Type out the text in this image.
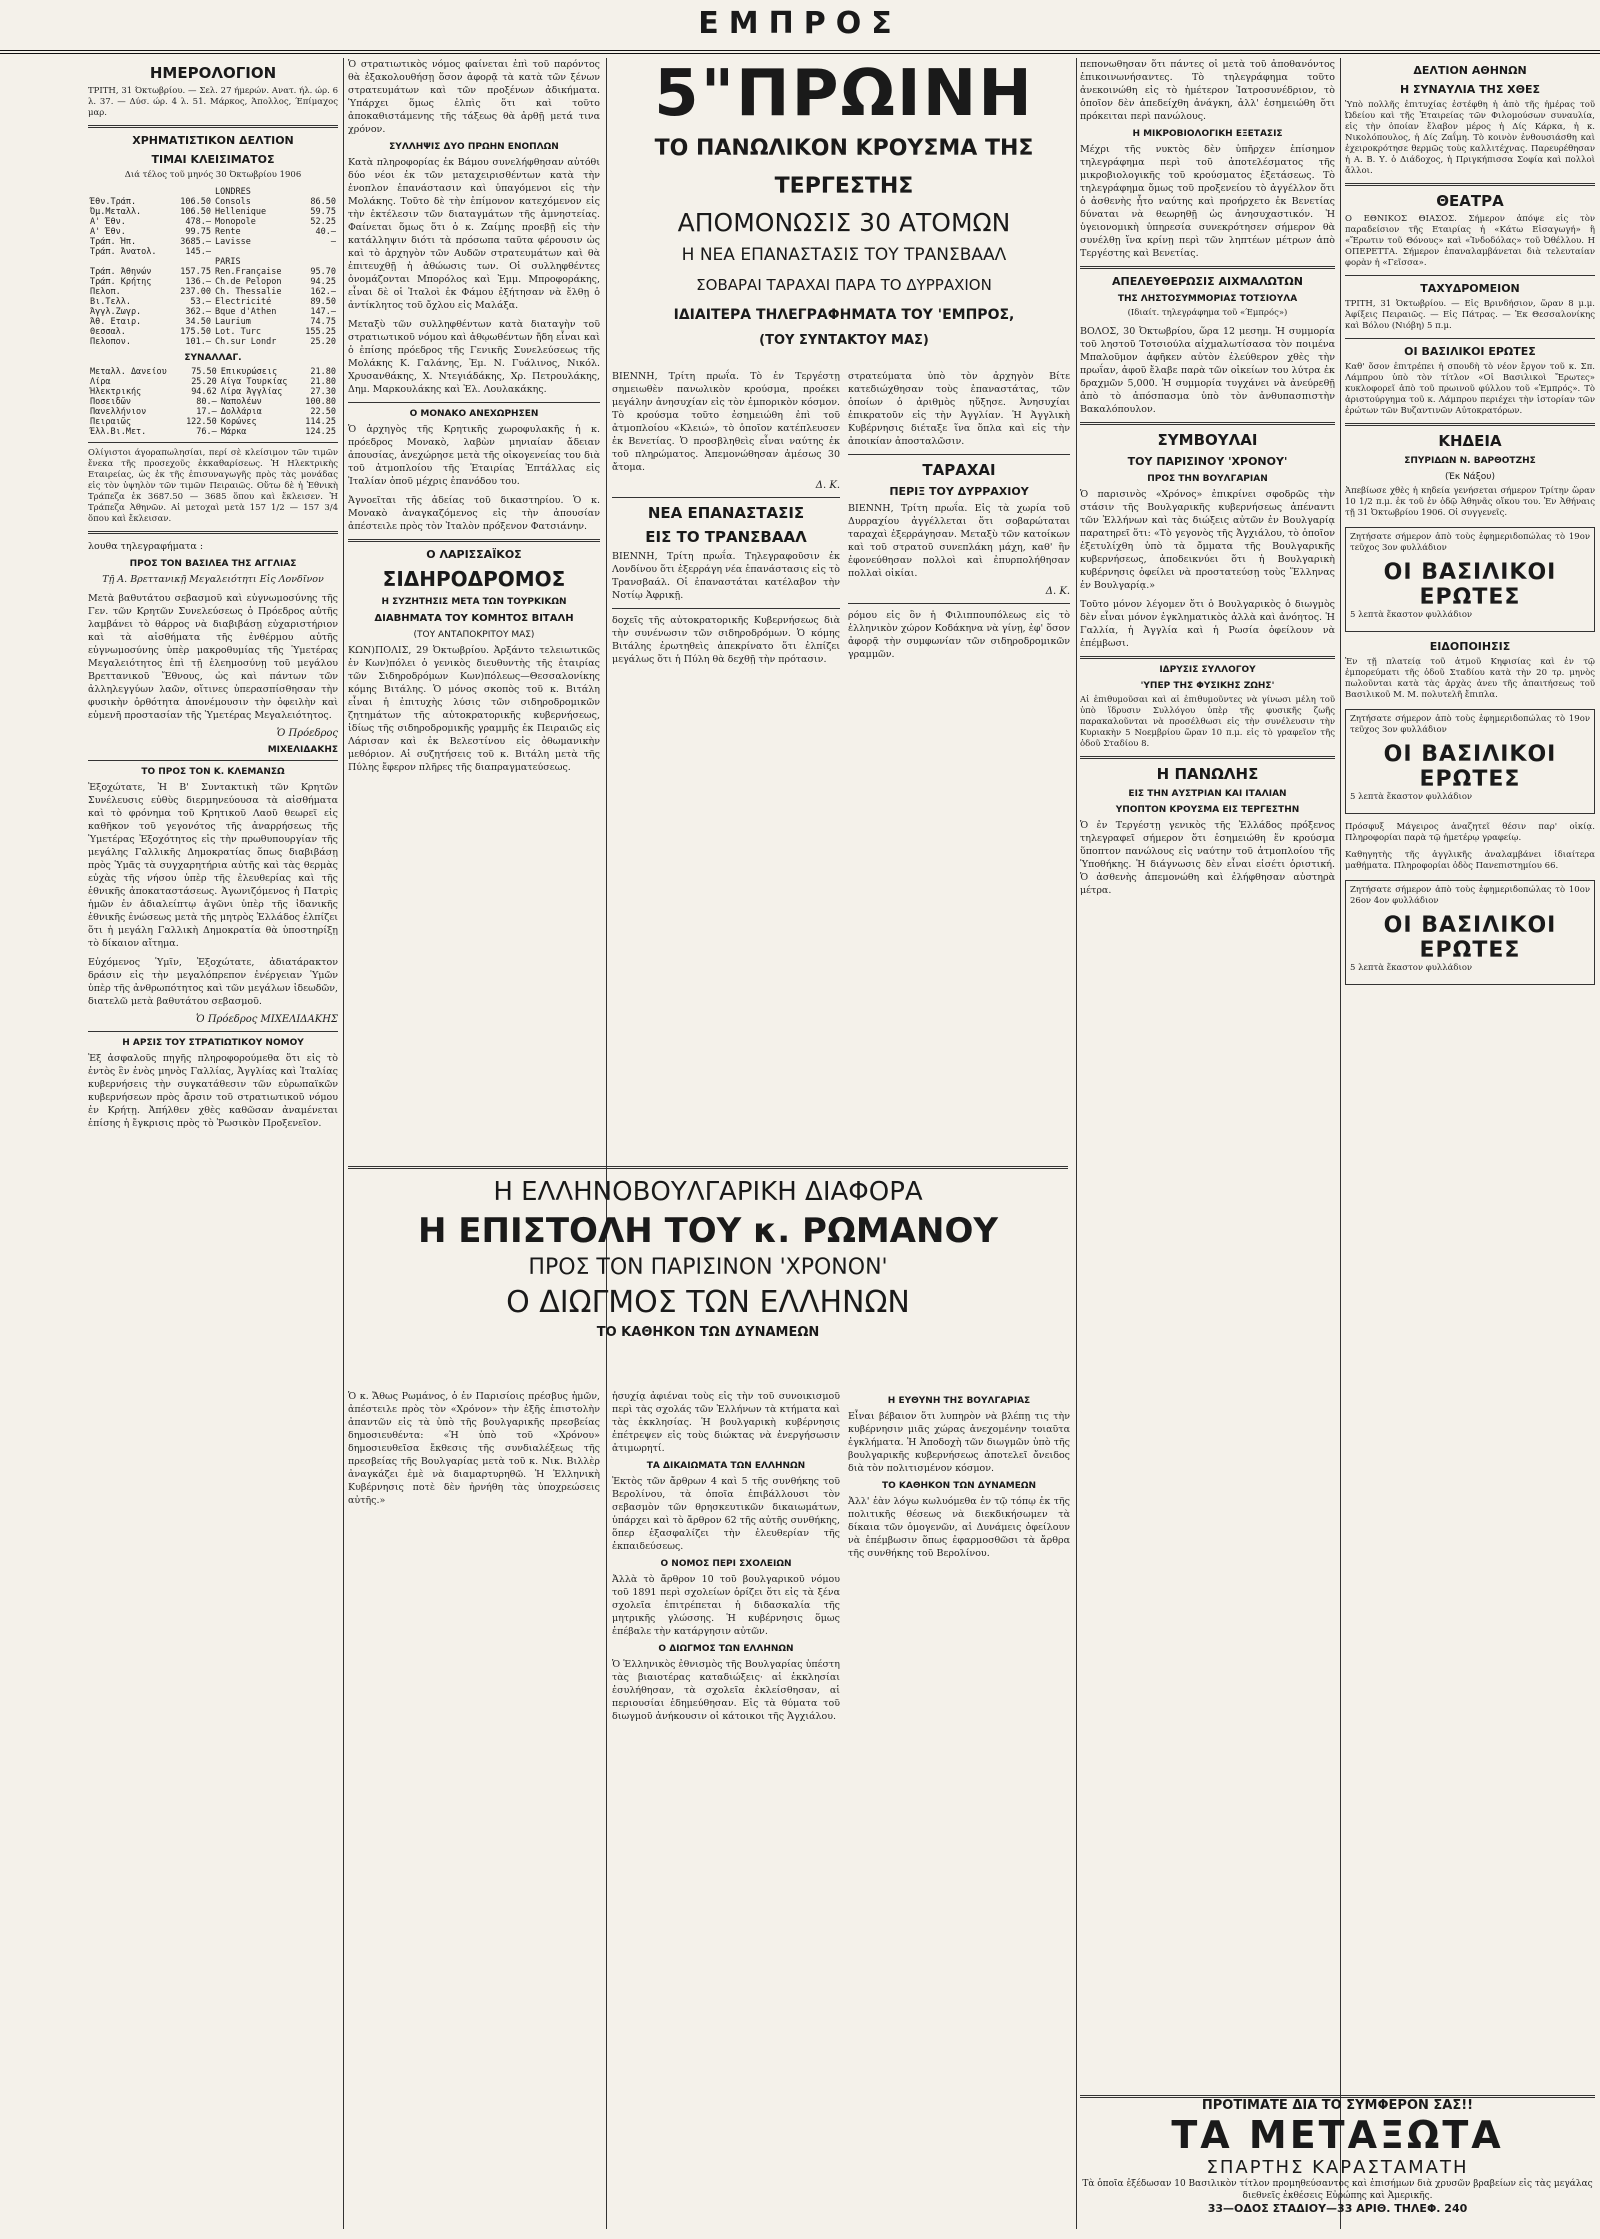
ΕΜΠΡΟΣ
ΗΜΕΡΟΛΟΓΙΟΝ

ΤΡΙΤΗ, 31 Όκτωβρίου. — Σελ. 27 ήμερών. Ανατ. ήλ. ώρ. 6 λ. 37. — Δύσ. ώρ. 4 λ. 51. Μάρκος, Άπολλος, Έπίμαχος μαρ.

ΧΡΗΜΑΤΙΣΤΙΚΟΝ ΔΕΛΤΙΟΝ
ΤΙΜΑΙ ΚΛΕΙΣΙΜΑΤΟΣ

Διά τέλος τοῦ μηνός 30 Όκτωβρίου 1906

		LONDRES	
Έθν.Τράπ.	106.50	Consols	86.50
Όμ.Μεταλλ.	106.50	Hellenique	59.75
Α' Έθν.	478.—	Monopole	52.25
Α' Έθν.	99.75	Rente	40.—
Τράπ. Ήπ.	3685.—	Lavisse	—
Τράπ. Άνατολ.	145.—		
		PARIS	
Τράπ. Άθηνών	157.75	Ren.Française	95.70
Τράπ. Κρήτης	136.—	Ch.de Pelopon	94.25
Πελοπ.	237.00	Ch. Thessalie	162.—
Βι.Τελλ.	53.—	Electricité	89.50
Άγγλ.Ζωγρ.	362.—	Bque d'Athen	147.—
Άθ. Εταιρ.	34.50	Laurium	74.75
Θεσσαλ.	175.50	Lot. Turc	155.25
Πελοπον.	101.—	Ch.sur Londr	25.20
ΣΥΝΑΛΛΑΓ.
Μεταλλ. Δανείου	75.50	Επικυρώσεις	21.80
Λίρα	25.20	Αίγα Τουρκίας	21.80
Ήλεκτρικής	94.62	Λίρα Άγγλίας	27.30
Ποσειδῶν	80.—	Ναπολέων	100.80
Πανελλήνιον	17.—	Δολλάρια	22.50
Πειραιῶς	122.50	Κορώνες	114.25
Έλλ.Βι.Μετ.	76.—	Μάρκα	124.25

Ολίγιστοι άγοραπωλησίαι, περί σὲ κλείσιμον τῶν τιμῶν ἔνεκα τῆς προσεχοῦς ἐκκαθαρίσεως. Ἡ Ηλεκτρικὴς Εταιρείας, ὡς ἐκ τῆς ἐπισυναγωγῆς πρὸς τὰς μονάδας εἰς τὸν ὑψηλὸν τῶν τιμῶν Πειραιῶς. Οὕτω δὲ ἡ Ἐθνικὴ Τράπεζα ἐκ 3687.50 — 3685 ὅπου καὶ ἔκλεισεν. Ἡ Τράπεζα Ἀθηνῶν. Αἱ μετοχαὶ μετὰ 157 1/2 — 157 3/4 ὅπου καὶ ἔκλεισαν.

λουθα τηλεγραφήματα :

ΠΡΟΣ ΤΟΝ ΒΑΣΙΛΕΑ ΤΗΣ ΑΓΓΛΙΑΣ

Τῇ Α. Βρεττανικῇ Μεγαλειότητι Εἰς Λονδῖνον

Μετὰ βαθυτάτου σεβασμοῦ καὶ εὐγνωμοσύνης τῆς Γεν. τῶν Κρητῶν Συνελεύσεως ὁ Πρόεδρος αὐτῆς λαμβάνει τὸ θάρρος νὰ διαβιβάσῃ εὐχαριστήριον καὶ τὰ αἰσθήματα τῆς ἐνθέρμου αὐτῆς εὐγνωμοσύνης ὑπὲρ μακροθυμίας τῆς Ὑμετέρας Μεγαλειότητος ἐπὶ τῇ ἐλεημοσύνῃ τοῦ μεγάλου Βρεττανικοῦ Ἔθνους, ὡς καὶ πάντων τῶν ἀλληλεγγύων λαῶν, οἵτινες ὑπερασπίσθησαν τὴν φυσικὴν ὀρθότητα ἀπονέμουσιν τὴν ὀφειλὴν καὶ εὐμενῆ προστασίαν τῆς Ὑμετέρας Μεγαλειότητος.

Ὁ Πρόεδρος
ΜΙΧΕΛΙΔΑΚΗΣ
ΤΟ ΠΡΟΣ ΤΟΝ Κ. ΚΛΕΜΑΝΣΩ

Ἐξοχώτατε, Ἡ Β' Συντακτικὴ τῶν Κρητῶν Συνέλευσις εὐθὺς διερμηνεύουσα τὰ αἰσθήματα καὶ τὸ φρόνημα τοῦ Κρητικοῦ Λαοῦ θεωρεῖ εἰς καθῆκον τοῦ γεγονότος τῆς ἀναρρήσεως τῆς Ὑμετέρας Ἐξοχότητος εἰς τὴν πρωθυπουργίαν τῆς μεγάλης Γαλλικῆς Δημοκρατίας ὅπως διαβιβάσῃ πρὸς Ὑμᾶς τὰ συγχαρητήρια αὐτῆς καὶ τὰς θερμὰς εὐχὰς τῆς νήσου ὑπὲρ τῆς ἐλευθερίας καὶ τῆς ἐθνικῆς ἀποκαταστάσεως. Ἀγωνιζόμενος ἡ Πατρὶς ἡμῶν ἐν ἀδιαλείπτῳ ἀγῶνι ὑπὲρ τῆς ἰδανικῆς ἐθνικῆς ἐνώσεως μετὰ τῆς μητρὸς Ἑλλάδος ἐλπίζει ὅτι ἡ μεγάλη Γαλλικὴ Δημοκρατία θὰ ὑποστηρίξῃ τὸ δίκαιον αἴτημα.

Εὐχόμενος Ὑμῖν, Ἐξοχώτατε, ἀδιατάρακτον δράσιν εἰς τὴν μεγαλόπρεπον ἐνέργειαν Ὑμῶν ὑπὲρ τῆς ἀνθρωπότητος καὶ τῶν μεγάλων ἰδεωδῶν, διατελῶ μετὰ βαθυτάτου σεβασμοῦ.

Ὁ Πρόεδρος ΜΙΧΕΛΙΔΑΚΗΣ
Η ΑΡΣΙΣ ΤΟΥ ΣΤΡΑΤΙΩΤΙΚΟΥ ΝΟΜΟΥ

Ἐξ ἀσφαλοῦς πηγῆς πληροφορούμεθα ὅτι εἰς τὸ ἐντὸς ἓν ἑνὸς μηνὸς Γαλλίας, Ἀγγλίας καὶ Ἰταλίας κυβερνήσεις τὴν συγκατάθεσιν τῶν εὐρωπαϊκῶν κυβερνήσεων πρὸς ἄρσιν τοῦ στρατιωτικοῦ νόμου ἐν Κρήτῃ. Ἀπήλθεν χθὲς καθῶσαν ἀναμένεται ἐπίσης ἡ ἔγκρισις πρὸς τὸ Ῥωσικὸν Προξενεῖον.

Ὁ στρατιωτικὸς νόμος φαίνεται ἐπὶ τοῦ παρόντος θὰ ἐξακολουθήσῃ ὅσον ἀφορᾷ τὰ κατὰ τῶν ξένων στρατευμάτων καὶ τῶν προξένων ἀδικήματα. Ὑπάρχει ὅμως ἐλπὶς ὅτι καὶ τοῦτο ἀποκαθιστάμενης τῆς τάξεως θὰ ἀρθῇ μετά τινα χρόνον.

ΣΥΛΛΗΨΙΣ ΔΥΟ ΠΡΩΗΝ ΕΝΟΠΛΩΝ

Κατὰ πληροφορίας ἐκ Βάμου συνελήφθησαν αὐτόθι δύο νέοι ἐκ τῶν μεταχειρισθέντων κατὰ τὴν ἐνοπλον ἐπανάστασιν καὶ ὑπαγόμενοι εἰς τὴν Μολάκης. Τοῦτο δὲ τὴν ἐπίμονον κατεχόμενον εἰς τὴν ἐκτέλεσιν τῶν διαταγμάτων τῆς ἀμνηστείας. Φαίνεται ὅμως ὅτι ὁ κ. Ζαίμης προεβῇ εἰς τὴν κατάλληψιν διότι τὰ πρόσωπα ταῦτα φέρουσιν ὡς καὶ τὸ ἀρχηγὸν τῶν Αυδῶν στρατευμάτων καὶ θὰ ἐπιτευχθῇ ἡ ἀθώωσις των. Οἱ συλληφθέντες ὀνομάζονται Μπορόλος καὶ Ἐμμ. Μπροφοράκης, εἶναι δὲ οἱ Ἰταλοὶ ἐκ Φάμου ἐξήτησαν νὰ ἔλθῃ ὁ ἀντίκλητος τοῦ ὄχλου εἰς Μαλάξα.

Μεταξὺ τῶν συλληφθέντων κατὰ διαταγὴν τοῦ στρατιωτικοῦ νόμου καὶ ἀθῳωθέντων ἤδη εἶναι καὶ ὁ ἐπίσης πρόεδρος τῆς Γενικῆς Συνελεύσεως τῆς Μολάκης Κ. Γαλάνης, Ἐμ. Ν. Γυάλινος, Νικόλ. Χρυσανθάκης, Χ. Ντεγιάδάκης, Χρ. Πετρουλάκης, Δημ. Μαρκουλάκης καὶ Ἐλ. Λουλακάκης.

Ο ΜΟΝΑΚΟ ΑΝΕΧΩΡΗΣΕΝ

Ὁ ἀρχηγὸς τῆς Κρητικῆς χωροφυλακῆς ἡ κ. πρόεδρος Μονακὸ, λαβὼν μηνιαίαν ἄδειαν ἀπουσίας, ἀνεχώρησε μετὰ τῆς οἰκογενείας του διὰ τοῦ ἀτμοπλοίου τῆς Ἑταιρίας Ἐπτάλλας εἰς Ἰταλίαν ὁποῦ μέχρις ἐπανόδου του.

Ἀγνοεῖται τῆς ἀδείας τοῦ δικαστηρίου. Ὁ κ. Μονακὸ ἀναγκαζόμενος εἰς τὴν ἀπουσίαν ἀπέστειλε πρὸς τὸν Ἰταλὸν πρόξενον Φατσιάνην.

Ο ΛΑΡΙΣΣΑΪΚΟΣ
ΣΙΔΗΡΟΔΡΟΜΟΣ
Η ΣΥΖΗΤΗΣΙΣ ΜΕΤΑ ΤΩΝ ΤΟΥΡΚΙΚΩΝ
ΔΙΑΒΗΜΑΤΑ ΤΟΥ ΚΟΜΗΤΟΣ ΒΙΤΑΛΗ
(ΤΟΥ ΑΝΤΑΠΟΚΡΙΤΟΥ ΜΑΣ)

ΚΩΝ)ΠΟΛΙΣ, 29 Ὀκτωβρίου. Ἀρξάντο τελειωτικῶς ἐν Κων)πόλει ὁ γενικὸς διευθυντὴς τῆς ἐταιρίας τῶν Σιδηροδρόμων Κων)πόλεως—Θεσσαλονίκης κόμης Βιτάλης. Ὁ μόνος σκοπὸς τοῦ κ. Βιτάλη εἶναι ἡ ἐπιτυχὴς λύσις τῶν σιδηροδρομικῶν ζητημάτων τῆς αὐτοκρατορικῆς κυβερνήσεως, ἰδίως τῆς σιδηροδρομικῆς γραμμῆς ἐκ Πειραιῶς εἰς Λάρισαν καὶ ἐκ Βελεστίνου εἰς ὀθωμανικὴν μεθόριον. Αἱ συζητήσεις τοῦ κ. Βιτάλη μετὰ τῆς Πύλης ἔφερον πλῆρες τῆς διαπραγματεύσεως.

5"ΠΡΩΙΝΗ
ΤΟ ΠΑΝΩΛΙΚΟΝ ΚΡΟΥΣΜΑ ΤΗΣ ΤΕΡΓΕΣΤΗΣ
ΑΠΟΜΟΝΩΣΙΣ 30 ΑΤΟΜΩΝ
Η ΝΕΑ ΕΠΑΝΑΣΤΑΣΙΣ ΤΟΥ ΤΡΑΝΣΒΑΑΛ
ΣΟΒΑΡΑΙ ΤΑΡΑΧΑΙ ΠΑΡΑ ΤΟ ΔΥΡΡΑΧΙΟΝ
ΙΔΙΑΙΤΕΡΑ ΤΗΛΕΓΡΑΦΗΜΑΤΑ ΤΟΥ 'ΕΜΠΡΟΣ,
(ΤΟΥ ΣΥΝΤΑΚΤΟΥ ΜΑΣ)

ΒΙΕΝΝΗ, Τρίτη πρωΐα. Τὸ ἐν Τεργέστῃ σημειωθὲν πανωλικὸν κρούσμα, προέκει μεγάλην ἀνησυχίαν εἰς τὸν ἐμπορικὸν κόσμον. Τὸ κρούσμα τοῦτο ἐσημειώθη ἐπὶ τοῦ ἀτμοπλοίου «Κλειώ», τὸ ὁποῖον κατέπλευσεν ἐκ Βενετίας. Ὁ προσβληθεὶς εἶναι ναύτης ἐκ τοῦ πληρώματος. Ἀπεμονώθησαν ἀμέσως 30 ἄτομα.

Δ. Κ.
ΝΕΑ ΕΠΑΝΑΣΤΑΣΙΣ
ΕΙΣ ΤΟ ΤΡΑΝΣΒΑΑΛ

ΒΙΕΝΝΗ, Τρίτη πρωΐα. Τηλεγραφοῦσιν ἐκ Λονδίνου ὅτι ἐξερράγη νέα ἐπανάστασις εἰς τὸ Τρανσβαάλ. Οἱ ἐπαναστάται κατέλαβον τὴν Νοτίῳ Ἀφρικῇ.

δοχεῖς τῆς αὐτοκρατορικῆς Κυβερνήσεως διὰ τὴν συνένωσιν τῶν σιδηροδρόμων. Ὁ κόμης Βιτάλης ἐρωτηθεὶς ἀπεκρίνατο ὅτι ἐλπίζει μεγάλως ὅτι ἡ Πύλη θὰ δεχθῇ τὴν πρότασιν.

στρατεύματα ὑπὸ τὸν ἀρχηγὸν Βίτε κατεδιώχθησαν τοὺς ἐπαναστάτας, τῶν ὁποίων ὁ ἀριθμὸς ηὔξησε. Ἀνησυχίαι ἐπικρατοῦν εἰς τὴν Ἀγγλίαν. Ἡ Ἀγγλικὴ Κυβέρνησις διέταξε ἵνα ὅπλα καὶ εἰς τὴν ἀποικίαν ἀποσταλῶσιν.

ΤΑΡΑΧΑΙ
ΠΕΡΙΞ ΤΟΥ ΔΥΡΡΑΧΙΟΥ

ΒΙΕΝΝΗ, Τρίτη πρωΐα. Εἰς τὰ χωρία τοῦ Δυρραχίου ἀγγέλλεται ὅτι σοβαρώταται ταραχαὶ ἐξερράγησαν. Μεταξὺ τῶν κατοίκων καὶ τοῦ στρατοῦ συνεπλάκη μάχη, καθ' ἣν ἐφονεύθησαν πολλοὶ καὶ ἐπυρπολήθησαν πολλαὶ οἰκίαι.

Δ. Κ.

ρόμου εἰς ὃν ἡ Φιλιππουπόλεως εἰς τὸ ἑλληνικὸν χώρον Κοδάκηνα νὰ γίνῃ, ἐφ' ὅσον ἀφορᾷ τὴν συμφωνίαν τῶν σιδηροδρομικῶν γραμμῶν.

Η ΕΛΛΗΝΟΒΟΥΛΓΑΡΙΚΗ ΔΙΑΦΟΡΑ
Η ΕΠΙΣΤΟΛΗ ΤΟΥ κ. ΡΩΜΑΝΟΥ
ΠΡΟΣ ΤΟΝ ΠΑΡΙΣΙΝΟΝ 'ΧΡΟΝΟΝ'
Ο ΔΙΩΓΜΟΣ ΤΩΝ ΕΛΛΗΝΩΝ
ΤΟ ΚΑΘΗΚΟΝ ΤΩΝ ΔΥΝΑΜΕΩΝ

Ὁ κ. Ἄθως Ρωμάνος, ὁ ἐν Παρισίοις πρέσβυς ἡμῶν, ἀπέστειλε πρὸς τὸν «Χρόνον» τὴν ἑξῆς ἐπιστολὴν ἀπαντῶν εἰς τὰ ὑπὸ τῆς βουλγαρικῆς πρεσβείας δημοσιευθέντα: «Ἡ ὑπὸ τοῦ «Χρόνου» δημοσιευθεῖσα ἔκθεσις τῆς συνδιαλέξεως τῆς πρεσβείας τῆς Βουλγαρίας μετὰ τοῦ κ. Νικ. Βιλλὲρ ἀναγκάζει ἐμὲ νὰ διαμαρτυρηθῶ. Ἡ Ἑλληνικὴ Κυβέρνησις ποτὲ δὲν ἠρνήθη τὰς ὑποχρεώσεις αὐτῆς.»

ἡσυχίᾳ ἀφιέναι τοὺς εἰς τὴν τοῦ συνοικισμοῦ περὶ τὰς σχολάς τῶν Ἑλλήνων τὰ κτήματα καὶ τὰς ἐκκλησίας. Ἡ βουλγαρικὴ κυβέρνησις ἐπέτρεψεν εἰς τοὺς διώκτας νὰ ἐνεργήσωσιν ἀτιμωρητί.

ΤΑ ΔΙΚΑΙΩΜΑΤΑ ΤΩΝ ΕΛΛΗΝΩΝ

Ἐκτὸς τῶν ἄρθρων 4 καὶ 5 τῆς συνθήκης τοῦ Βερολίνου, τὰ ὁποῖα ἐπιβάλλουσι τὸν σεβασμὸν τῶν θρησκευτικῶν δικαιωμάτων, ὑπάρχει καὶ τὸ ἄρθρον 62 τῆς αὐτῆς συνθήκης, ὅπερ ἐξασφαλίζει τὴν ἐλευθερίαν τῆς ἐκπαιδεύσεως.

Ο ΝΟΜΟΣ ΠΕΡΙ ΣΧΟΛΕΙΩΝ

Ἀλλὰ τὸ ἄρθρον 10 τοῦ βουλγαρικοῦ νόμου τοῦ 1891 περὶ σχολείων ὁρίζει ὅτι εἰς τὰ ξένα σχολεῖα ἐπιτρέπεται ἡ διδασκαλία τῆς μητρικῆς γλώσσης. Ἡ κυβέρνησις ὅμως ἐπέβαλε τὴν κατάργησιν αὐτῶν.

Ο ΔΙΩΓΜΟΣ ΤΩΝ ΕΛΛΗΝΩΝ

Ὁ Ἑλληνικὸς ἐθνισμὸς τῆς Βουλγαρίας ὑπέστη τὰς βιαιοτέρας καταδιώξεις· αἱ ἐκκλησίαι ἐσυλήθησαν, τὰ σχολεῖα ἐκλείσθησαν, αἱ περιουσίαι ἐδημεύθησαν. Εἰς τὰ θύματα τοῦ διωγμοῦ ἀνήκουσιν οἱ κάτοικοι τῆς Ἀγχιάλου.

Η ΕΥΘΥΝΗ ΤΗΣ ΒΟΥΛΓΑΡΙΑΣ

Εἶναι βέβαιον ὅτι λυπηρὸν νὰ βλέπῃ τις τὴν κυβέρνησιν μιᾶς χώρας ἀνεχομένην τοιαῦτα ἐγκλήματα. Ἡ Ἀποδοχὴ τῶν διωγμῶν ὑπὸ τῆς βουλγαρικῆς κυβερνήσεως ἀποτελεῖ ὄνειδος διὰ τὸν πολιτισμένον κόσμον.

ΤΟ ΚΑΘΗΚΟΝ ΤΩΝ ΔΥΝΑΜΕΩΝ

Ἀλλ' ἐὰν λόγω κωλυόμεθα ἐν τῷ τόπῳ ἐκ τῆς πολιτικῆς θέσεως νὰ διεκδικήσωμεν τὰ δίκαια τῶν ὁμογενῶν, αἱ Δυνάμεις ὀφείλουν νὰ ἐπέμβωσιν ὅπως ἐφαρμοσθῶσι τὰ ἄρθρα τῆς συνθήκης τοῦ Βερολίνου.

πεπονωθησαν ὅτι πάντες οἱ μετὰ τοῦ ἀποθανόντος ἐπικοινωνήσαντες. Τὸ τηλεγράφημα τοῦτο ἀνεκοινώθη εἰς τὸ ἡμέτερον Ἰατροσυνέδριον, τὸ ὁποῖον δὲν ἀπεδείχθη ἀνάγκη, ἀλλ' ἐσημειώθη ὅτι πρόκειται περὶ πανώλους.

Η ΜΙΚΡΟΒΙΟΛΟΓΙΚΗ ΕΞΕΤΑΣΙΣ

Μέχρι τῆς νυκτὸς δὲν ὑπῆρχεν ἐπίσημον τηλεγράφημα περὶ τοῦ ἀποτελέσματος τῆς μικροβιολογικῆς τοῦ κρούσματος ἐξετάσεως. Τὸ τηλεγράφημα ὅμως τοῦ προξενείου τὸ ἀγγέλλον ὅτι ὁ ἀσθενὴς ἦτο ναύτης καὶ προήρχετο ἐκ Βενετίας δύναται νὰ θεωρηθῇ ὡς ἀνησυχαστικόν. Ἡ ὑγειονομικὴ ὑπηρεσία συνεκρότησεν σήμερον θὰ συνέλθῃ ἵνα κρίνῃ περὶ τῶν ληπτέων μέτρων ἀπὸ Τεργέστης καὶ Βενετίας.

ΑΠΕΛΕΥΘΕΡΩΣΙΣ ΑΙΧΜΑΛΩΤΩΝ
ΤΗΣ ΛΗΣΤΟΣΥΜΜΟΡΙΑΣ ΤΟΤΣΙΟΥΛΑ

(Ιδιαίτ. τηλεγράφημα τοῦ «Έμπρός»)

ΒΟΛΟΣ, 30 Ὀκτωβρίου, ὥρα 12 μεσημ. Ἡ συμμορία τοῦ ληστοῦ Τοτσιούλα αἰχμαλωτίσασα τὸν ποιμένα Μπαλοῦμον ἀφῆκεν αὐτὸν ἐλεύθερον χθὲς τὴν πρωΐαν, ἀφοῦ ἔλαβε παρὰ τῶν οἰκείων του λύτρα ἐκ δραχμῶν 5,000. Ἡ συμμορία τυγχάνει νὰ ἀνεύρεθῇ ἀπὸ τὸ ἀπόσπασμα ὑπὸ τὸν ἀνθυπασπιστὴν Βακαλόπουλον.

ΣΥΜΒΟΥΛΑΙ
ΤΟΥ ΠΑΡΙΣΙΝΟΥ 'ΧΡΟΝΟΥ'
ΠΡΟΣ ΤΗΝ ΒΟΥΛΓΑΡΙΑΝ

Ὁ παρισινὸς «Χρόνος» ἐπικρίνει σφοδρῶς τὴν στάσιν τῆς Βουλγαρικῆς κυβερνήσεως ἀπέναντι τῶν Ἑλλήνων καὶ τὰς διώξεις αὐτῶν ἐν Βουλγαρίᾳ παρατηρεῖ ὅτι: «Τὸ γεγονὸς τῆς Ἀγχιάλου, τὸ ὁποῖον ἐξετυλίχθη ὑπὸ τὰ ὄμματα τῆς Βουλγαρικῆς κυβερνήσεως, ἀποδεικνύει ὅτι ἡ Βουλγαρικὴ κυβέρνησις ὀφείλει νὰ προστατεύσῃ τοὺς Ἕλληνας ἐν Βουλγαρίᾳ.»

Τοῦτο μόνον λέγομεν ὅτι ὁ Βουλγαρικὸς ὁ διωγμὸς δὲν εἶναι μόνον ἐγκληματικὸς ἀλλὰ καὶ ἀνόητος. Ἡ Γαλλία, ἡ Ἀγγλία καὶ ἡ Ρωσία ὀφείλουν νὰ ἐπέμβωσι.

ΙΔΡΥΣΙΣ ΣΥΛΛΟΓΟΥ
'ΥΠΕΡ ΤΗΣ ΦΥΣΙΚΗΣ ΖΩΗΣ'

Αἱ ἐπιθυμοῦσαι καὶ αἱ ἐπιθυμοῦντες νὰ γίνωσι μέλη τοῦ ὑπὸ ἵδρυσιν Συλλόγου ὑπὲρ τῆς φυσικῆς ζωῆς παρακαλοῦνται νὰ προσέλθωσι εἰς τὴν συνέλευσιν τὴν Κυριακὴν 5 Νοεμβρίου ὥραν 10 π.μ. εἰς τὸ γραφεῖον τῆς ὁδοῦ Σταδίου 8.

Η ΠΑΝΩΛΗΣ
ΕΙΣ ΤΗΝ ΑΥΣΤΡΙΑΝ ΚΑΙ ΙΤΑΛΙΑΝ
ΥΠΟΠΤΟΝ ΚΡΟΥΣΜΑ ΕΙΣ ΤΕΡΓΕΣΤΗΝ

Ὁ ἐν Τεργέστῃ γενικὸς τῆς Ἑλλάδος πρόξενος τηλεγραφεῖ σήμερον ὅτι ἐσημειώθη ἕν κρούσμα ὕποπτον πανώλους εἰς ναύτην τοῦ ἀτμοπλοίου τῆς Ὑποθήκης. Ἡ διάγνωσις δὲν εἶναι εἰσέτι ὁριστική. Ὁ ἀσθενὴς ἀπεμονώθη καὶ ἐλήφθησαν αὐστηρὰ μέτρα.

ΔΕΛΤΙΟΝ ΑΘΗΝΩΝ
Η ΣΥΝΑΥΛΙΑ ΤΗΣ ΧΘΕΣ

Ὑπὸ πολλῆς ἐπιτυχίας ἐστέφθη ἡ ἀπὸ τῆς ἡμέρας τοῦ Ὠδείου καὶ τῆς Ἐταιρείας τῶν Φιλομούσων συναυλία, εἰς τὴν ὁποίαν ἔλαβον μέρος ἡ Δίς Κάρκα, ἡ κ. Νικολόπουλος, ἡ Δίς Ζαΐμη. Τὸ κοινὸν ἐνθουσιάσθη καὶ ἐχειροκρότησε θερμῶς τοὺς καλλιτέχνας. Παρευρέθησαν ἡ Α. Β. Υ. ὁ Διάδοχος, ἡ Πριγκήπισσα Σοφία καὶ πολλοὶ ἄλλοι.

ΘΕΑΤΡΑ

Ο ΕΘΝΙΚΟΣ ΘΙΑΣΟΣ. Σήμερον ἀπόψε εἰς τὸν παραδείσιον τῆς Εταιρίας ἡ «Κάτω Εἰσαγωγή» ἢ «Ἔρωτιν τοῦ Θόνους» καὶ «Ἰνδοδόλας» τοῦ Ὀθέλλου. Η ΟΠΕΡΕΤΤΑ. Σήμερον ἐπαναλαμβάνεται διὰ τελευταίαν φορὰν ἡ «Γεῖσσα».

ΤΑΧΥΔΡΟΜΕΙΟΝ

ΤΡΙΤΗ, 31 Ὀκτωβρίου. — Εἰς Βρινδήσιον, ὥραν 8 μ.μ. Ἀφίξεις Πειραιῶς. — Εἰς Πάτρας. — Ἐκ Θεσσαλονίκης καὶ Βόλου (Νιόβη) 5 π.μ.

ΟΙ ΒΑΣΙΛΙΚΟΙ ΕΡΩΤΕΣ

Καθ' ὅσον ἐπιτρέπει ἡ σπουδὴ τὸ νέον ἔργον τοῦ κ. Σπ. Λάμπρου ὑπὸ τὸν τίτλον «Οἱ Βασιλικοὶ Ἔρωτες» κυκλοφορεῖ ἀπὸ τοῦ πρωινοῦ φύλλου τοῦ «Ἐμπρός». Τὸ ἀριστούργημα τοῦ κ. Λάμπρου περιέχει τὴν ἱστορίαν τῶν ἐρώτων τῶν Βυζαντινῶν Αὐτοκρατόρων.

ΚΗΔΕΙΑ
ΣΠΥΡΙΔΩΝ Ν. ΒΑΡΘΟΤΖΗΣ
(Ἐκ Νάξου)

Ἀπεβίωσε χθὲς ἡ κηδεία γενήσεται σήμερον Τρίτην ὥραν 10 1/2 π.μ. ἐκ τοῦ ἐν ὁδῷ Ἀθηνᾶς οἴκου του. Ἐν Ἀθήναις τῇ 31 Ὀκτωβρίου 1906. Οἱ συγγενεῖς.

Ζητήσατε σήμερον ἀπὸ τοὺς ἐφημεριδοπώλας τὸ 19ον τεῦχος 3ον φυλλάδιον
ΟΙ ΒΑΣΙΛΙΚΟΙ ΕΡΩΤΕΣ
5 λεπτὰ ἕκαστον φυλλάδιον
ΕΙΔΟΠΟΙΗΣΙΣ

Ἐν τῇ πλατείᾳ τοῦ ἀτμοῦ Κηφισίας καὶ ἐν τῷ ἐμπορεύματι τῆς ὁδοῦ Σταδίου κατὰ τὴν 20 τρ. μηνὸς πωλοῦνται κατὰ τὰς ἀρχὰς ἀνευ τῆς ἀπαιτήσεως τοῦ Βασιλικοῦ Μ. Μ. πολυτελῆ ἔπιπλα.

Ζητήσατε σήμερον ἀπὸ τοὺς ἐφημεριδοπώλας τὸ 19ον τεῦχος 3ον φυλλάδιον
ΟΙ ΒΑΣΙΛΙΚΟΙ ΕΡΩΤΕΣ
5 λεπτὰ ἕκαστον φυλλάδιον

Πρόσφυξ Μάγειρος ἀναζητεῖ θέσιν παρ' οἰκίᾳ. Πληροφορίαι παρὰ τῷ ἡμετέρῳ γραφείῳ.

Καθηγητὴς τῆς ἀγγλικῆς ἀναλαμβάνει ἰδιαίτερα μαθήματα. Πληροφορίαι ὁδὸς Πανεπιστημίου 66.

Ζητήσατε σήμερον ἀπὸ τοὺς ἐφημεριδοπώλας τὸ 10ον 26ον 4ον φυλλάδιον
ΟΙ ΒΑΣΙΛΙΚΟΙ ΕΡΩΤΕΣ
5 λεπτὰ ἕκαστον φυλλάδιον
ΠΡΟΤΙΜΑΤΕ ΔΙΑ ΤΟ ΣΥΜΦΕΡΟΝ ΣΑΣ!!
ΤΑ ΜΕΤΑΞΩΤΑ
ΣΠΑΡΤΗΣ ΚΑΡΑΣΤΑΜΑΤΗ
Τὰ ὁποῖα ἐξέδωσαν 10 Βασιλικὸν τίτλον προμηθεύσαντος καὶ ἐπισήμων διὰ χρυσῶν βραβείων εἰς τὰς μεγάλας διεθνεῖς ἐκθέσεις Εὐρώπης καὶ Ἀμερικῆς.
33—ΟΔΟΣ ΣΤΑΔΙΟΥ—33 ΑΡΙΘ. ΤΗΛΕΦ. 240
